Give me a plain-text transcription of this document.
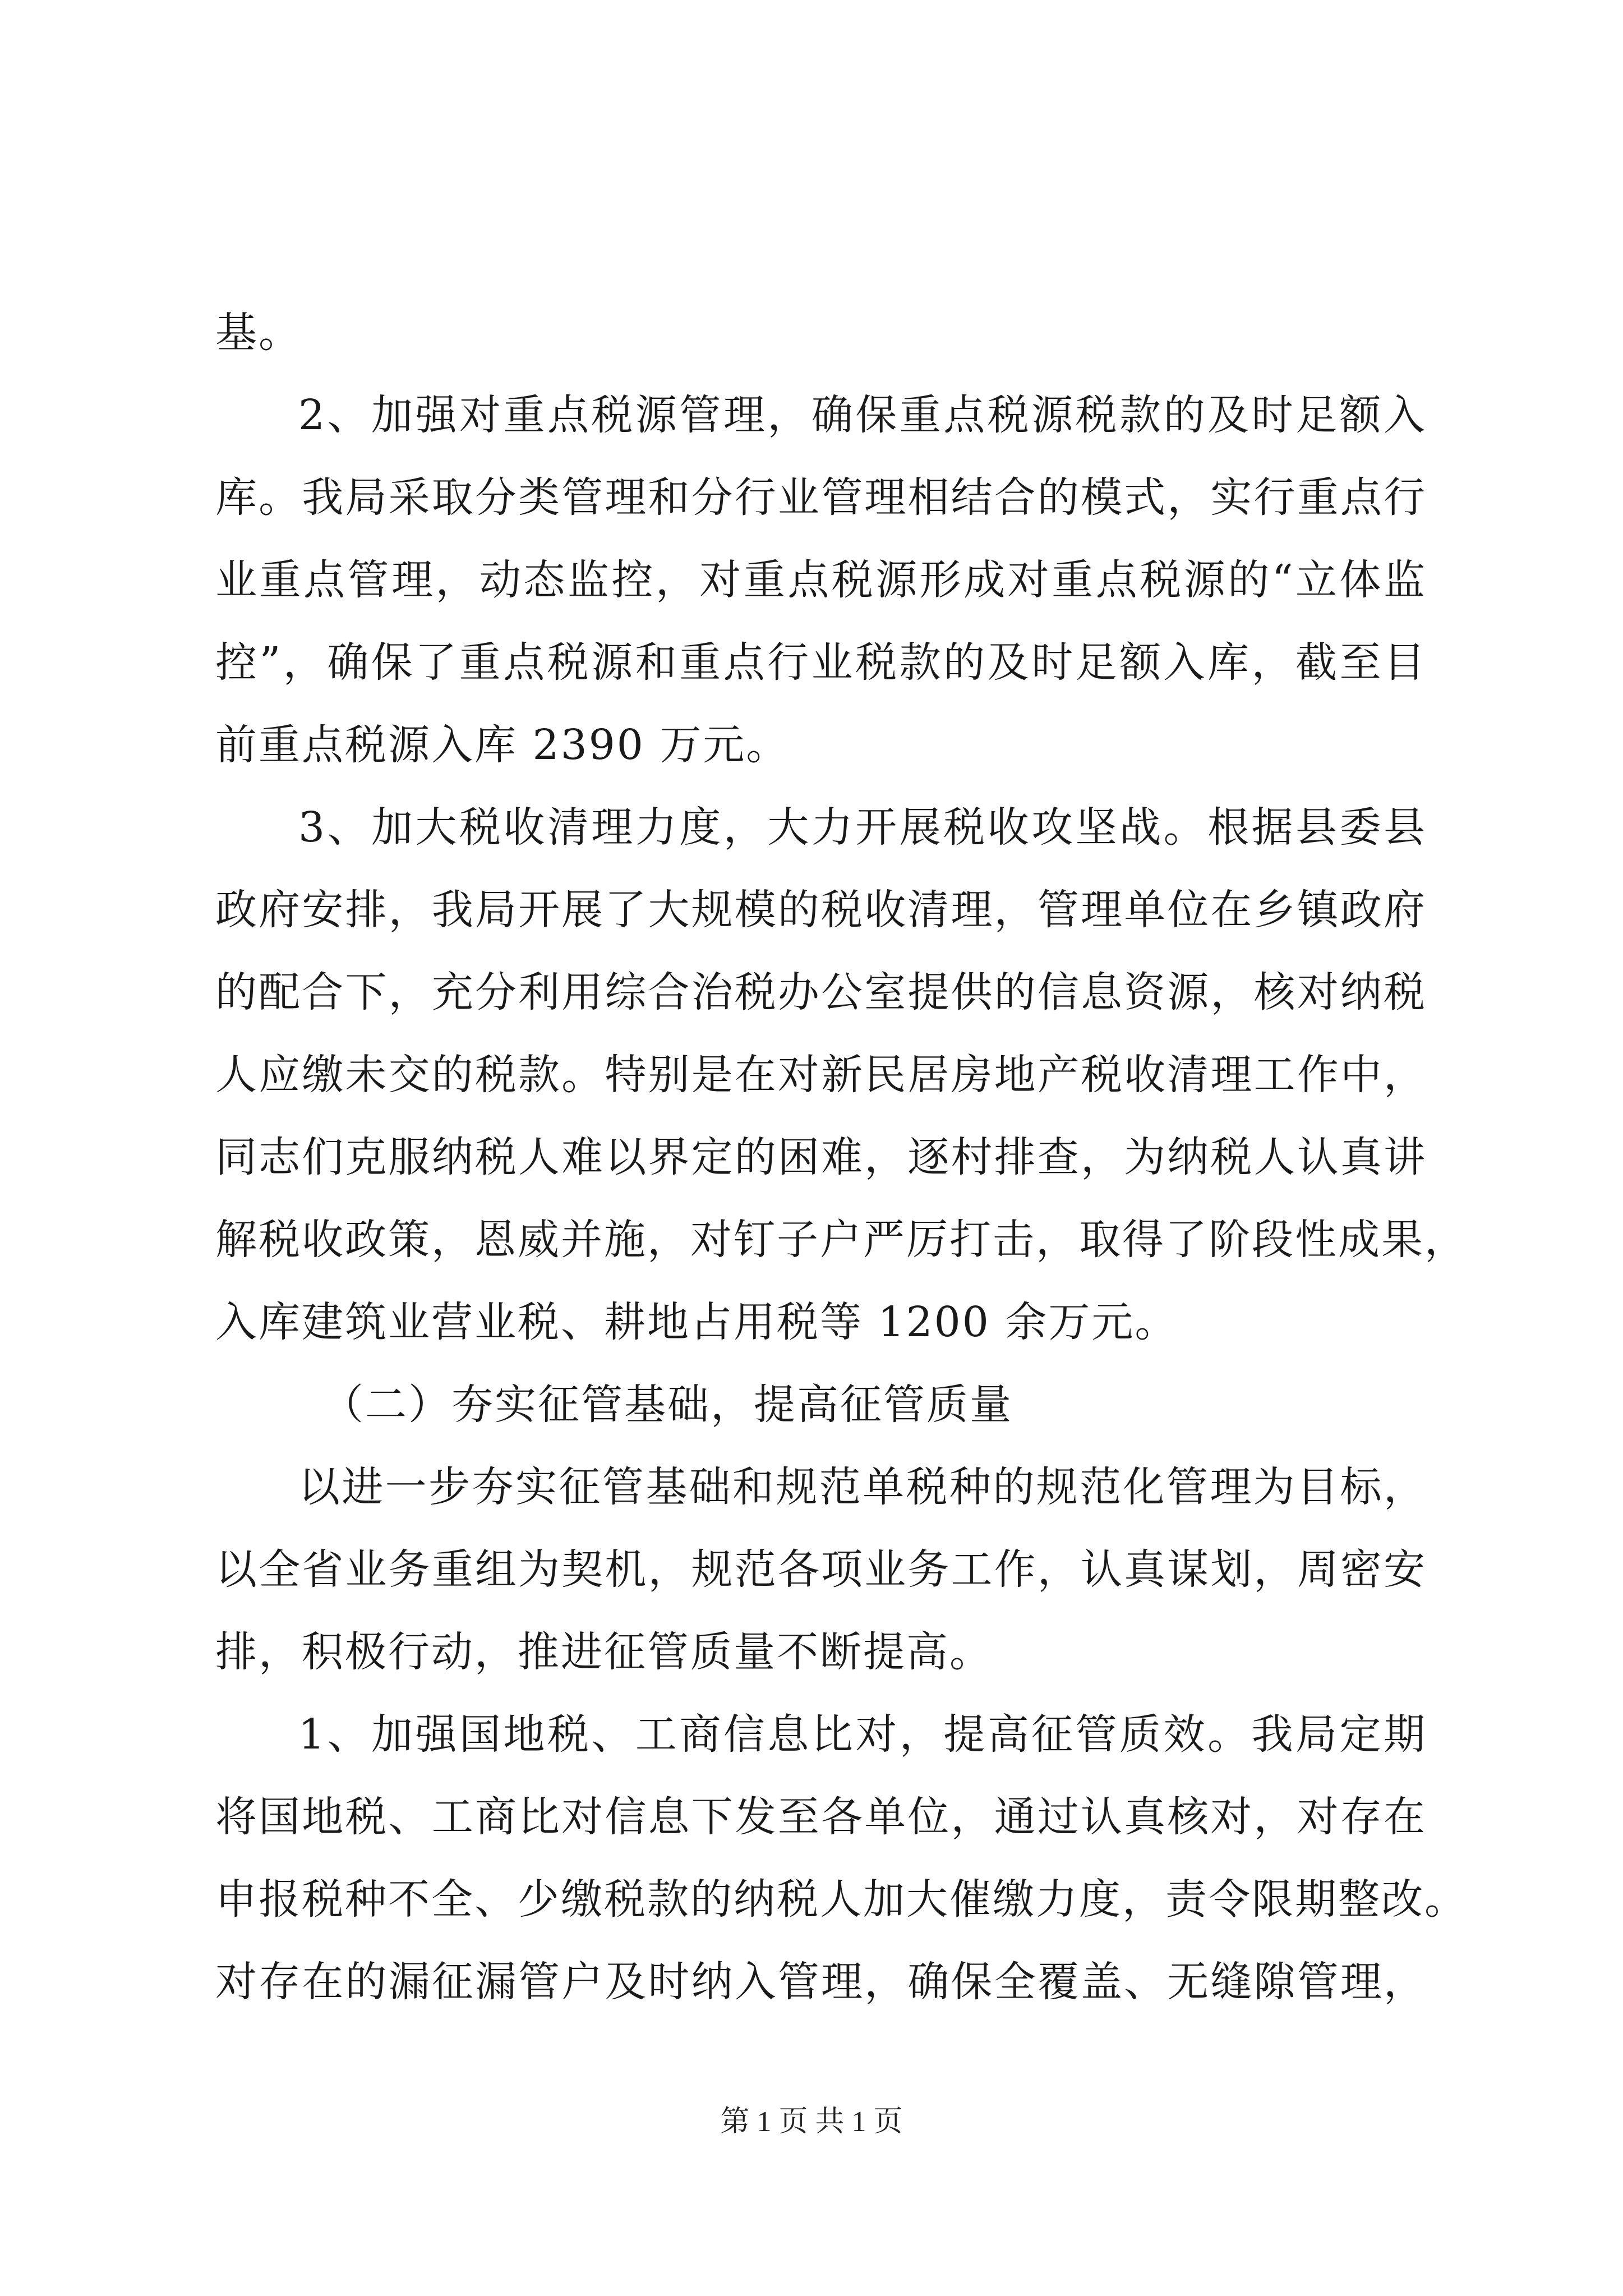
基。
2、加强对重点税源管理，确保重点税源税款的及时足额入
库。我局采取分类管理和分行业管理相结合的模式，实行重点行
业重点管理，动态监控，对重点税源形成对重点税源的“立体监
控”，确保了重点税源和重点行业税款的及时足额入库，截至目
前重点税源入库 2390 万元。
3、加大税收清理力度，大力开展税收攻坚战。根据县委县
政府安排，我局开展了大规模的税收清理，管理单位在乡镇政府
的配合下，充分利用综合治税办公室提供的信息资源，核对纳税
人应缴未交的税款。特别是在对新民居房地产税收清理工作中，
同志们克服纳税人难以界定的困难，逐村排查，为纳税人认真讲
解税收政策，恩威并施，对钉子户严厉打击，取得了阶段性成果，
入库建筑业营业税、耕地占用税等 1200 余万元。
（二）夯实征管基础，提高征管质量
以进一步夯实征管基础和规范单税种的规范化管理为目标，
以全省业务重组为契机，规范各项业务工作，认真谋划，周密安
排，积极行动，推进征管质量不断提高。
1、加强国地税、工商信息比对，提高征管质效。我局定期
将国地税、工商比对信息下发至各单位，通过认真核对，对存在
申报税种不全、少缴税款的纳税人加大催缴力度，责令限期整改。
对存在的漏征漏管户及时纳入管理，确保全覆盖、无缝隙管理，
第 1 页 共 1 页
